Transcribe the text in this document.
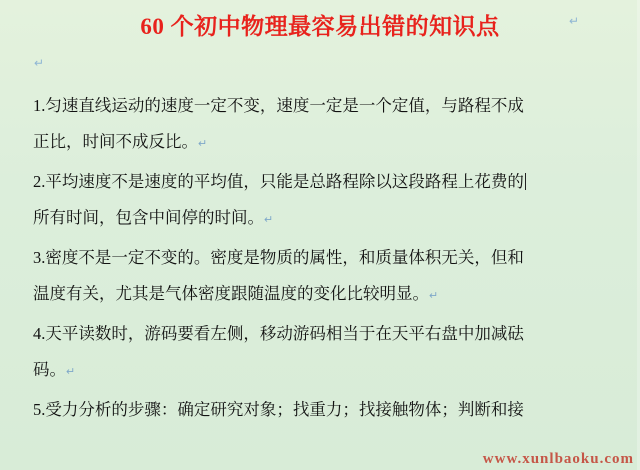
60 个初中物理最容易出错的知识点	↵
↵

1.匀速直线运动的速度一定不变，速度一定是一个定值，与路程不成
正比，时间不成反比。↵

2.平均速度不是速度的平均值，只能是总路程除以这段路程上花费的
所有时间，包含中间停的时间。↵

3.密度不是一定不变的。密度是物质的属性，和质量体积无关，但和
温度有关，尤其是气体密度跟随温度的变化比较明显。↵

4.天平读数时，游码要看左侧，移动游码相当于在天平右盘中加减砝
码。↵

5.受力分析的步骤：确定研究对象；找重力；找接触物体；判断和接

www.xunlbaoku.com
